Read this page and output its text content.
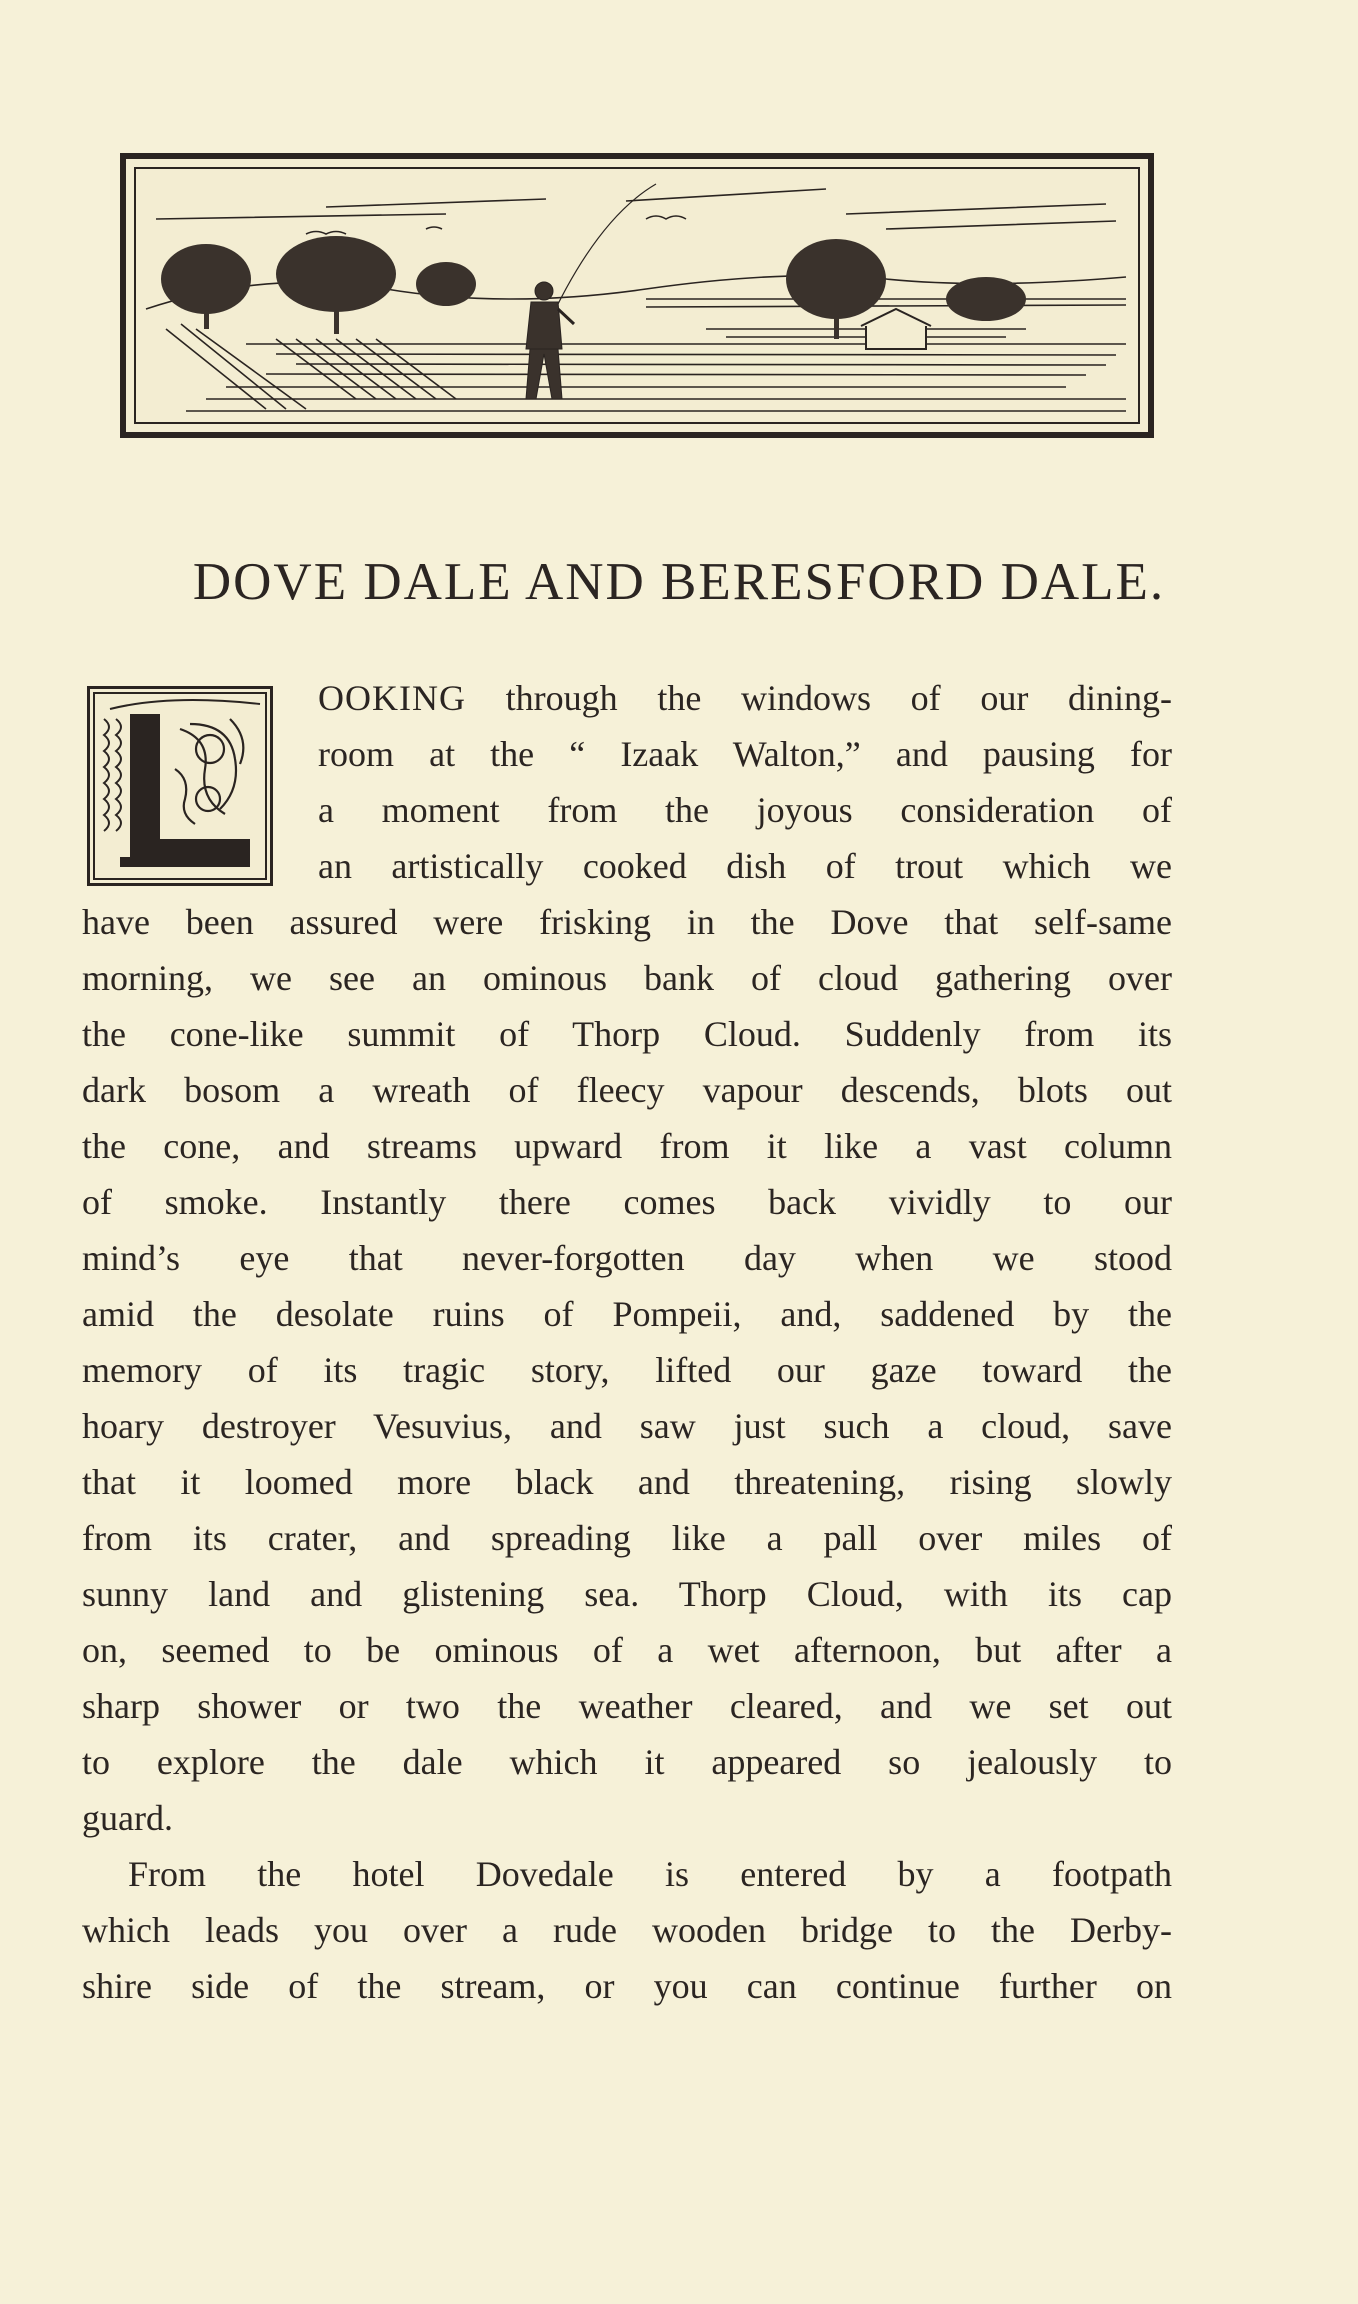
DOVE DALE AND BERESFORD DALE.
OOKING through the windows of our dining-
room at the “ Izaak Walton,” and pausing for
a moment from the joyous consideration of
an artistically cooked dish of trout which we
have been assured were frisking in the Dove that self-same
morning, we see an ominous bank of cloud gathering over
the cone-like summit of Thorp Cloud. Suddenly from its
dark bosom a wreath of fleecy vapour descends, blots out
the cone, and streams upward from it like a vast column
of smoke. Instantly there comes back vividly to our
mind’s eye that never-forgotten day when we stood
amid the desolate ruins of Pompeii, and, saddened by the
memory of its tragic story, lifted our gaze toward the
hoary destroyer Vesuvius, and saw just such a cloud, save
that it loomed more black and threatening, rising slowly
from its crater, and spreading like a pall over miles of
sunny land and glistening sea. Thorp Cloud, with its cap
on, seemed to be ominous of a wet afternoon, but after a
sharp shower or two the weather cleared, and we set out
to explore the dale which it appeared so jealously to
guard.
From the hotel Dovedale is entered by a footpath
which leads you over a rude wooden bridge to the Derby-
shire side of the stream, or you can continue further on
